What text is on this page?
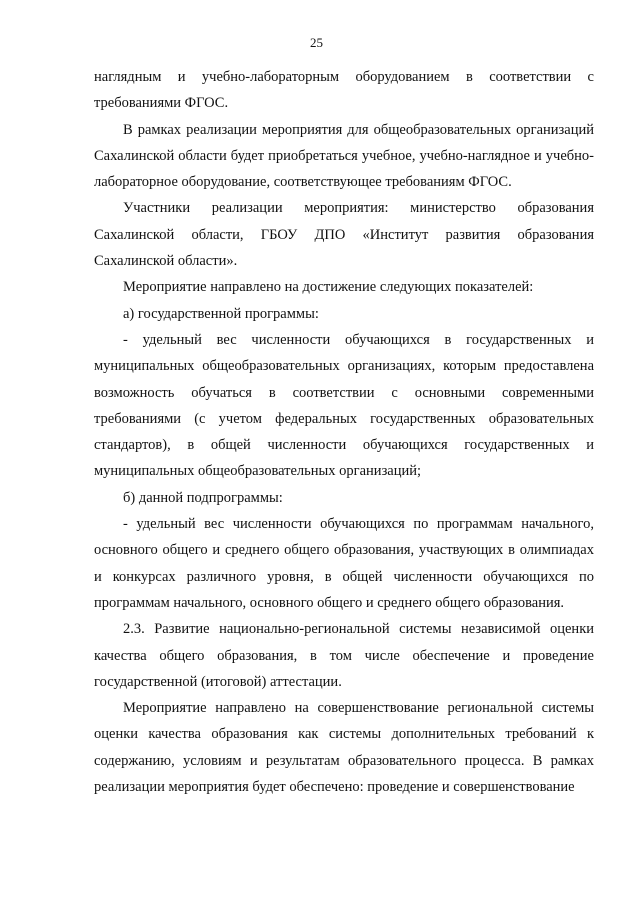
25

наглядным и учебно-лабораторным оборудованием в соответствии с требованиями ФГОС.

В рамках реализации мероприятия для общеобразовательных организаций Сахалинской области будет приобретаться учебное, учебно-наглядное и учебно-лабораторное оборудование, соответствующее требованиям ФГОС.

Участники реализации мероприятия: министерство образования Сахалинской области, ГБОУ ДПО «Институт развития образования Сахалинской области».

Мероприятие направлено на достижение следующих показателей:

а) государственной программы:

- удельный вес численности обучающихся в государственных и муниципальных общеобразовательных организациях, которым предоставлена возможность обучаться в соответствии с основными современными требованиями (с учетом федеральных государственных образовательных стандартов), в общей численности обучающихся государственных и муниципальных общеобразовательных организаций;

б) данной подпрограммы:

- удельный вес численности обучающихся по программам начального, основного общего и среднего общего образования, участвующих в олимпиадах и конкурсах различного уровня, в общей численности обучающихся по программам начального, основного общего и среднего общего образования.

2.3. Развитие национально-региональной системы независимой оценки качества общего образования, в том числе обеспечение и проведение государственной (итоговой) аттестации.

Мероприятие направлено на совершенствование региональной системы оценки качества образования как системы дополнительных требований к содержанию, условиям и результатам образовательного процесса. В рамках реализации мероприятия будет обеспечено: проведение и совершенствование
